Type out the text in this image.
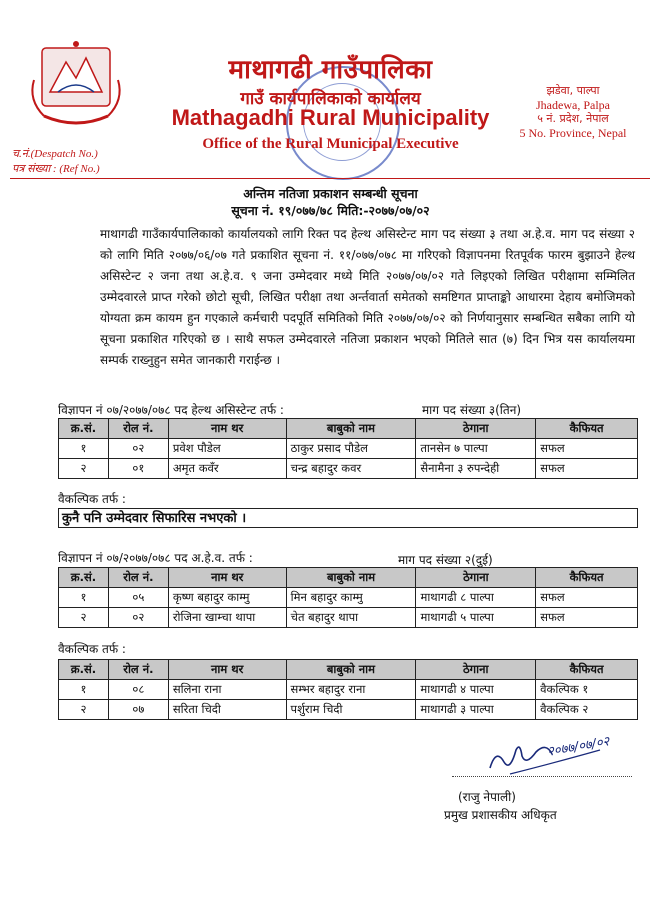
माथागढी गाउँपालिका
गाउँ कार्यपालिकाको कार्यालय
Mathagadhi Rural Municipality
Office of the Rural Municipal Executive
झडेवा, पाल्पा
Jhadewa, Palpa
५ नं. प्रदेश, नेपाल
5 No. Province, Nepal
च.नं.(Despatch No.)
पत्र संख्या : (Ref No.)
अन्तिम नतिजा प्रकाशन सम्बन्धी सूचना
सूचना नं. १९/०७७/७८ मिति:-२०७७/०७/०२

माथागढी गाउँकार्यपालिकाको कार्यालयको लागि रिक्त पद हेल्थ असिस्टेन्ट माग पद संख्या ३ तथा अ.हे.व. माग पद संख्या २ को लागि मिति २०७७/०६/०७ गते प्रकाशित सूचना नं. ११/०७७/०७८ मा गरिएको विज्ञापनमा रितपूर्वक फारम बुझाउने हेल्थ असिस्टेन्ट २ जना तथा अ.हे.व. ९ जना उम्मेदवार मध्ये मिति २०७७/०७/०२ गते लिइएको लिखित परीक्षामा सम्मिलित उम्मेदवारले प्राप्त गरेको छोटो सूची, लिखित परीक्षा तथा अर्न्तवार्ता समेतको समष्टिगत प्राप्ताङ्को आधारमा देहाय बमोजिमको योग्यता क्रम कायम हुन गएकाले कर्मचारी पदपूर्ति समितिको मिति २०७७/०७/०२ को निर्णयानुसार सम्बन्धित सबैका लागि यो सूचना प्रकाशित गरिएको छ । साथै सफल उम्मेदवारले नतिजा प्रकाशन भएको मितिले सात (७) दिन भित्र यस कार्यालयमा सम्पर्क राख्नुहुन समेत जानकारी गराईन्छ ।

विज्ञापन नं ०७/२०७७/०७८ पद हेल्थ असिस्टेन्ट तर्फ :	माग पद संख्या ३(तिन)
क्र.सं.	रोल नं.	नाम थर	बाबुको नाम	ठेगाना	कैफियत
१	०२	प्रवेश पौडेल	ठाकुर प्रसाद पौडेल	तानसेन ७ पाल्पा	सफल
२	०१	अमृत कवँर	चन्द्र बहादुर कवर	सैनामैना ३ रुपन्देही	सफल
वैकल्पिक तर्फ :
कुनै पनि उम्मेदवार सिफारिस नभएको ।
विज्ञापन नं ०७/२०७७/०७८ पद अ.हे.व. तर्फ :	माग पद संख्या २(दुई)
क्र.सं.	रोल नं.	नाम थर	बाबुको नाम	ठेगाना	कैफियत
१	०५	कृष्ण बहादुर काम्मु	मिन बहादुर काम्मु	माथागढी ८ पाल्पा	सफल
२	०२	रोजिना खाम्चा थापा	चेत बहादुर थापा	माथागढी ५ पाल्पा	सफल
वैकल्पिक तर्फ :
क्र.सं.	रोल नं.	नाम थर	बाबुको नाम	ठेगाना	कैफियत
१	०८	सलिना राना	सम्भर बहादुर राना	माथागढी ४ पाल्पा	वैकल्पिक १
२	०७	सरिता चिदी	पर्शुराम चिदी	माथागढी ३ पाल्पा	वैकल्पिक २
२०७७/०७/०२
(राजु नेपाली)
प्रमुख प्रशासकीय अधिकृत
